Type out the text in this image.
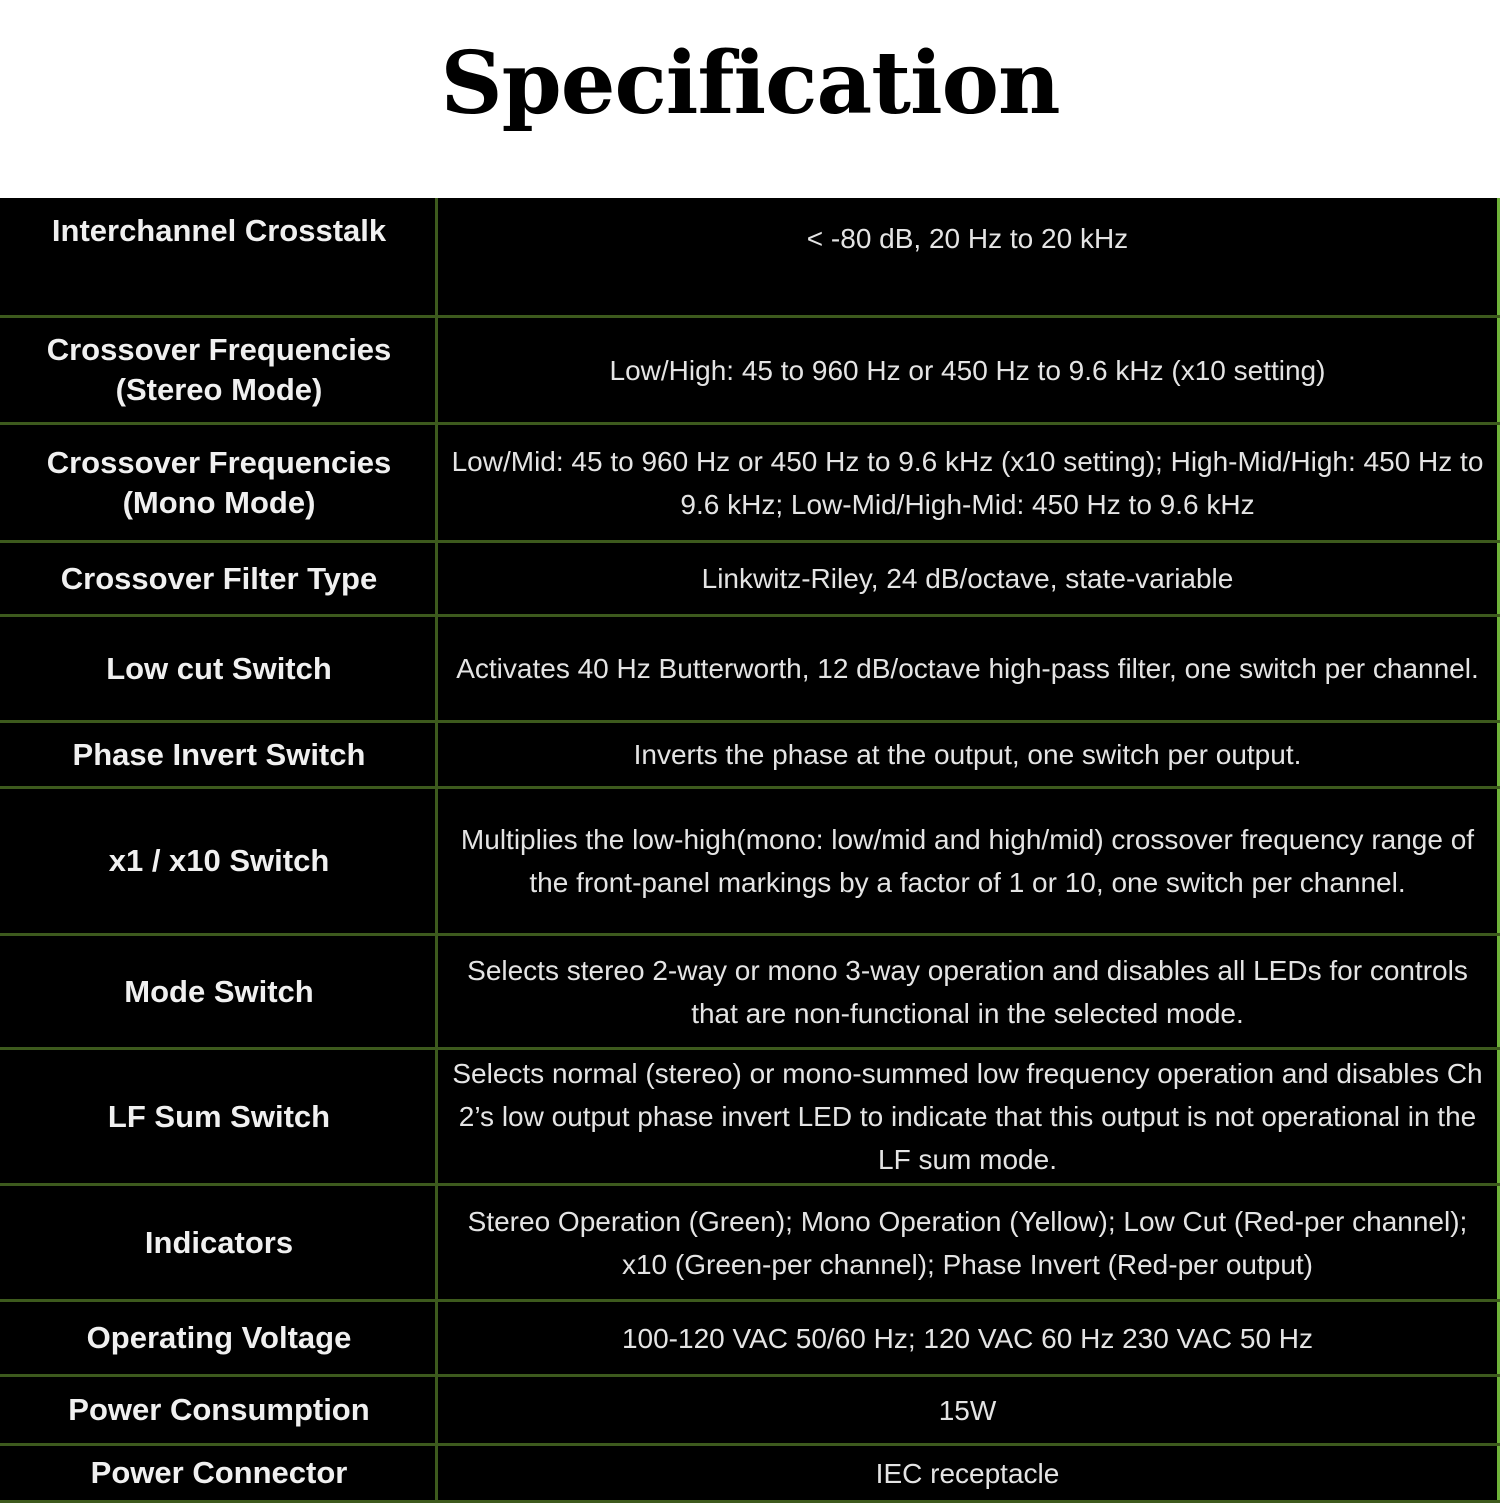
Specification
Interchannel Crosstalk	< -80 dB, 20 Hz to 20 kHz
Crossover Frequencies (Stereo Mode)	Low/High: 45 to 960 Hz or 450 Hz to 9.6 kHz (x10 setting)
Crossover Frequencies (Mono Mode)	Low/Mid: 45 to 960 Hz or 450 Hz to 9.6 kHz (x10 setting); High-Mid/High: 450 Hz to 9.6 kHz; Low-Mid/High-Mid: 450 Hz to 9.6 kHz
Crossover Filter Type	Linkwitz-Riley, 24 dB/octave, state-variable
Low cut Switch	Activates 40 Hz Butterworth, 12 dB/octave high-pass filter, one switch per channel.
Phase Invert Switch	Inverts the phase at the output, one switch per output.
x1 / x10 Switch	Multiplies the low-high(mono: low/mid and high/mid) crossover frequency range of the front-panel markings by a factor of 1 or 10, one switch per channel.
Mode Switch	Selects stereo 2-way or mono 3-way operation and disables all LEDs for controls that are non-functional in the selected mode.
LF Sum Switch	Selects normal (stereo) or mono-summed low frequency operation and disables Ch 2’s low output phase invert LED to indicate that this output is not operational in the LF sum mode.
Indicators	Stereo Operation (Green); Mono Operation (Yellow); Low Cut (Red-per channel); x10 (Green-per channel); Phase Invert (Red-per output)
Operating Voltage	100-120 VAC 50/60 Hz; 120 VAC 60 Hz 230 VAC 50 Hz
Power Consumption	15W
Power Connector	IEC receptacle
